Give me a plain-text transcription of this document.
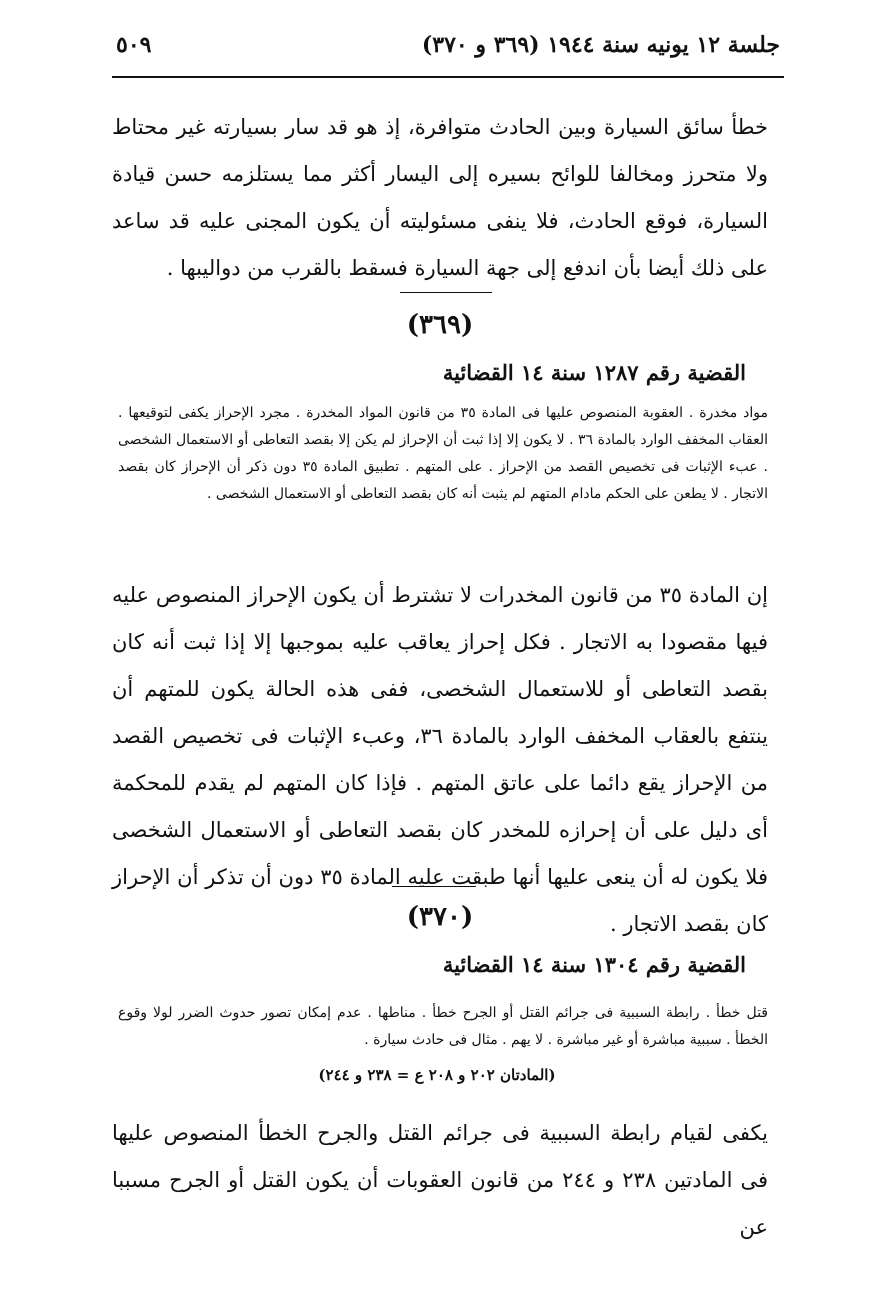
٥٠٩	جلسة ١٢ يونيه سنة ١٩٤٤ (٣٦٩ و ٣٧٠)

خطأ سائق السيارة وبين الحادث متوافرة، إذ هو قد سار بسيارته غير محتاط ولا متحرز ومخالفا للوائح بسيره إلى اليسار أكثر مما يستلزمه حسن قيادة السيارة، فوقع الحادث، فلا ينفى مسئوليته أن يكون المجنى عليه قد ساعد على ذلك أيضا بأن اندفع إلى جهة السيارة فسقط بالقرب من دواليبها .

(٣٦٩)
القضية رقم ١٢٨٧ سنة ١٤ القضائية

مواد مخدرة . العقوبة المنصوص عليها فى المادة ٣٥ من قانون المواد المخدرة . مجرد الإحراز يكفى لتوقيعها . العقاب المخفف الوارد بالمادة ٣٦ . لا يكون إلا إذا ثبت أن الإحراز لم يكن إلا بقصد التعاطى أو الاستعمال الشخصى . عبء الإثبات فى تخصيص القصد من الإحراز . على المتهم . تطبيق المادة ٣٥ دون ذكر أن الإحراز كان بقصد الاتجار . لا يطعن على الحكم مادام المتهم لم يثبت أنه كان بقصد التعاطى أو الاستعمال الشخصى .

إن المادة ٣٥ من قانون المخدرات لا تشترط أن يكون الإحراز المنصوص عليه فيها مقصودا به الاتجار . فكل إحراز يعاقب عليه بموجبها إلا إذا ثبت أنه كان بقصد التعاطى أو للاستعمال الشخصى، ففى هذه الحالة يكون للمتهم أن ينتفع بالعقاب المخفف الوارد بالمادة ٣٦، وعبء الإثبات فى تخصيص القصد من الإحراز يقع دائما على عاتق المتهم . فإذا كان المتهم لم يقدم للمحكمة أى دليل على أن إحرازه للمخدر كان بقصد التعاطى أو الاستعمال الشخصى فلا يكون له أن ينعى عليها أنها طبقت عليه المادة ٣٥ دون أن تذكر أن الإحراز كان بقصد الاتجار .

(٣٧٠)
القضية رقم ١٣٠٤ سنة ١٤ القضائية

قتل خطأ . رابطة السببية فى جرائم القتل أو الجرح خطأ . مناطها . عدم إمكان تصور حدوث الضرر لولا وقوع الخطأ . سببية مباشرة أو غير مباشرة . لا يهم . مثال فى حادث سيارة .

(المادتان ٢٠٢ و ٢٠٨ ع = ٢٣٨ و ٢٤٤)

يكفى لقيام رابطة السببية فى جرائم القتل والجرح الخطأ المنصوص عليها فى المادتين ٢٣٨ و ٢٤٤ من قانون العقوبات أن يكون القتل أو الجرح مسببا عن
